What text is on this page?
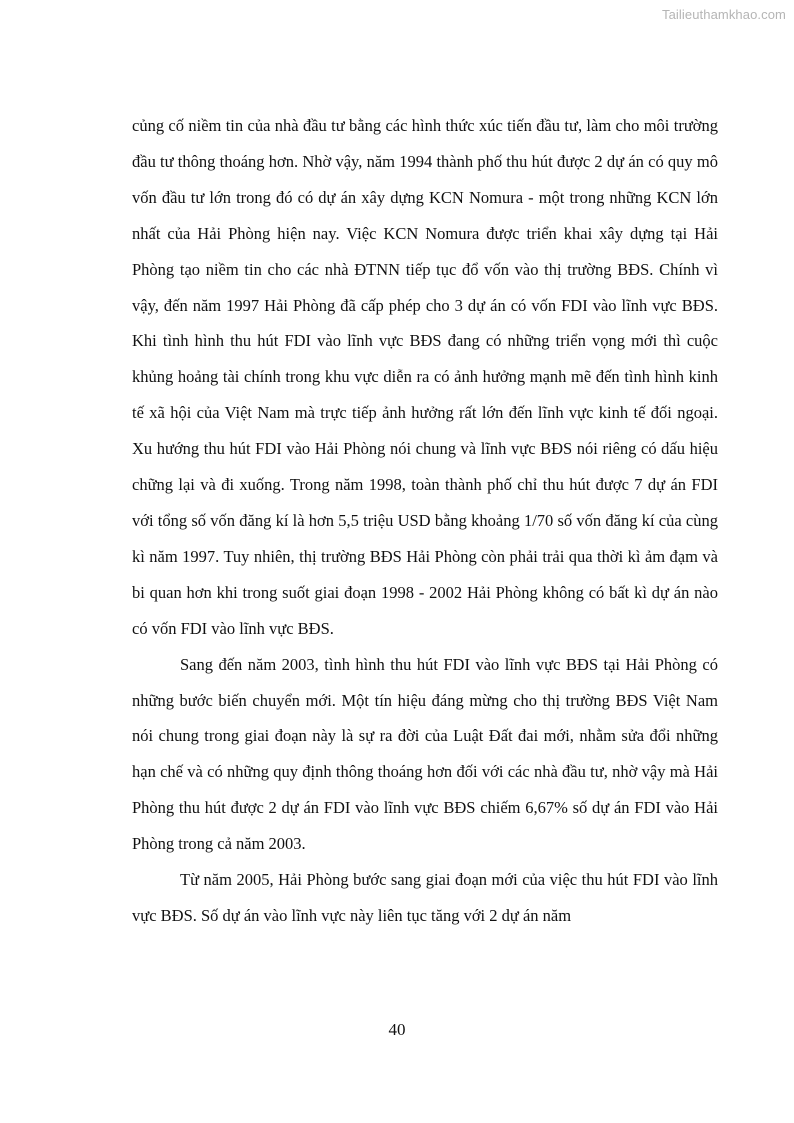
Tailieuthamkhao.com

củng cố niềm tin của nhà đầu tư bằng các hình thức xúc tiến đầu tư, làm cho môi trường đầu tư thông thoáng hơn. Nhờ vậy, năm 1994 thành phố thu hút được 2 dự án có quy mô vốn đầu tư lớn trong đó có dự án xây dựng KCN Nomura - một trong những KCN lớn nhất của Hải Phòng hiện nay. Việc KCN Nomura được triển khai xây dựng tại Hải Phòng tạo niềm tin cho các nhà ĐTNN tiếp tục đổ vốn vào thị trường BĐS. Chính vì vậy, đến năm 1997 Hải Phòng đã cấp phép cho 3 dự án có vốn FDI vào lĩnh vực BĐS. Khi tình hình thu hút FDI vào lĩnh vực BĐS đang có những triển vọng mới thì cuộc khủng hoảng tài chính trong khu vực diễn ra có ảnh hưởng mạnh mẽ đến tình hình kinh tế xã hội của Việt Nam mà trực tiếp ảnh hưởng rất lớn đến lĩnh vực kinh tế đối ngoại. Xu hướng thu hút FDI vào Hải Phòng nói chung và lĩnh vực BĐS nói riêng có dấu hiệu chững lại và đi xuống. Trong năm 1998, toàn thành phố chỉ thu hút được 7 dự án FDI với tổng số vốn đăng kí là hơn 5,5 triệu USD bằng khoảng 1/70 số vốn đăng kí của cùng kì năm 1997. Tuy nhiên, thị trường BĐS Hải Phòng còn phải trải qua thời kì ảm đạm và bi quan hơn khi trong suốt giai đoạn 1998 - 2002 Hải Phòng không có bất kì dự án nào có vốn FDI vào lĩnh vực BĐS.

Sang đến năm 2003, tình hình thu hút FDI vào lĩnh vực BĐS tại Hải Phòng có những bước biến chuyển mới. Một tín hiệu đáng mừng cho thị trường BĐS Việt Nam nói chung trong giai đoạn này là sự ra đời của Luật Đất đai mới, nhằm sửa đổi những hạn chế và có những quy định thông thoáng hơn đối với các nhà đầu tư, nhờ vậy mà Hải Phòng thu hút được 2 dự án FDI vào lĩnh vực BĐS chiếm 6,67% số dự án FDI vào Hải Phòng trong cả năm 2003.

Từ năm 2005, Hải Phòng bước sang giai đoạn mới của việc thu hút FDI vào lĩnh vực BĐS. Số dự án vào lĩnh vực này liên tục tăng với 2 dự án năm

40
